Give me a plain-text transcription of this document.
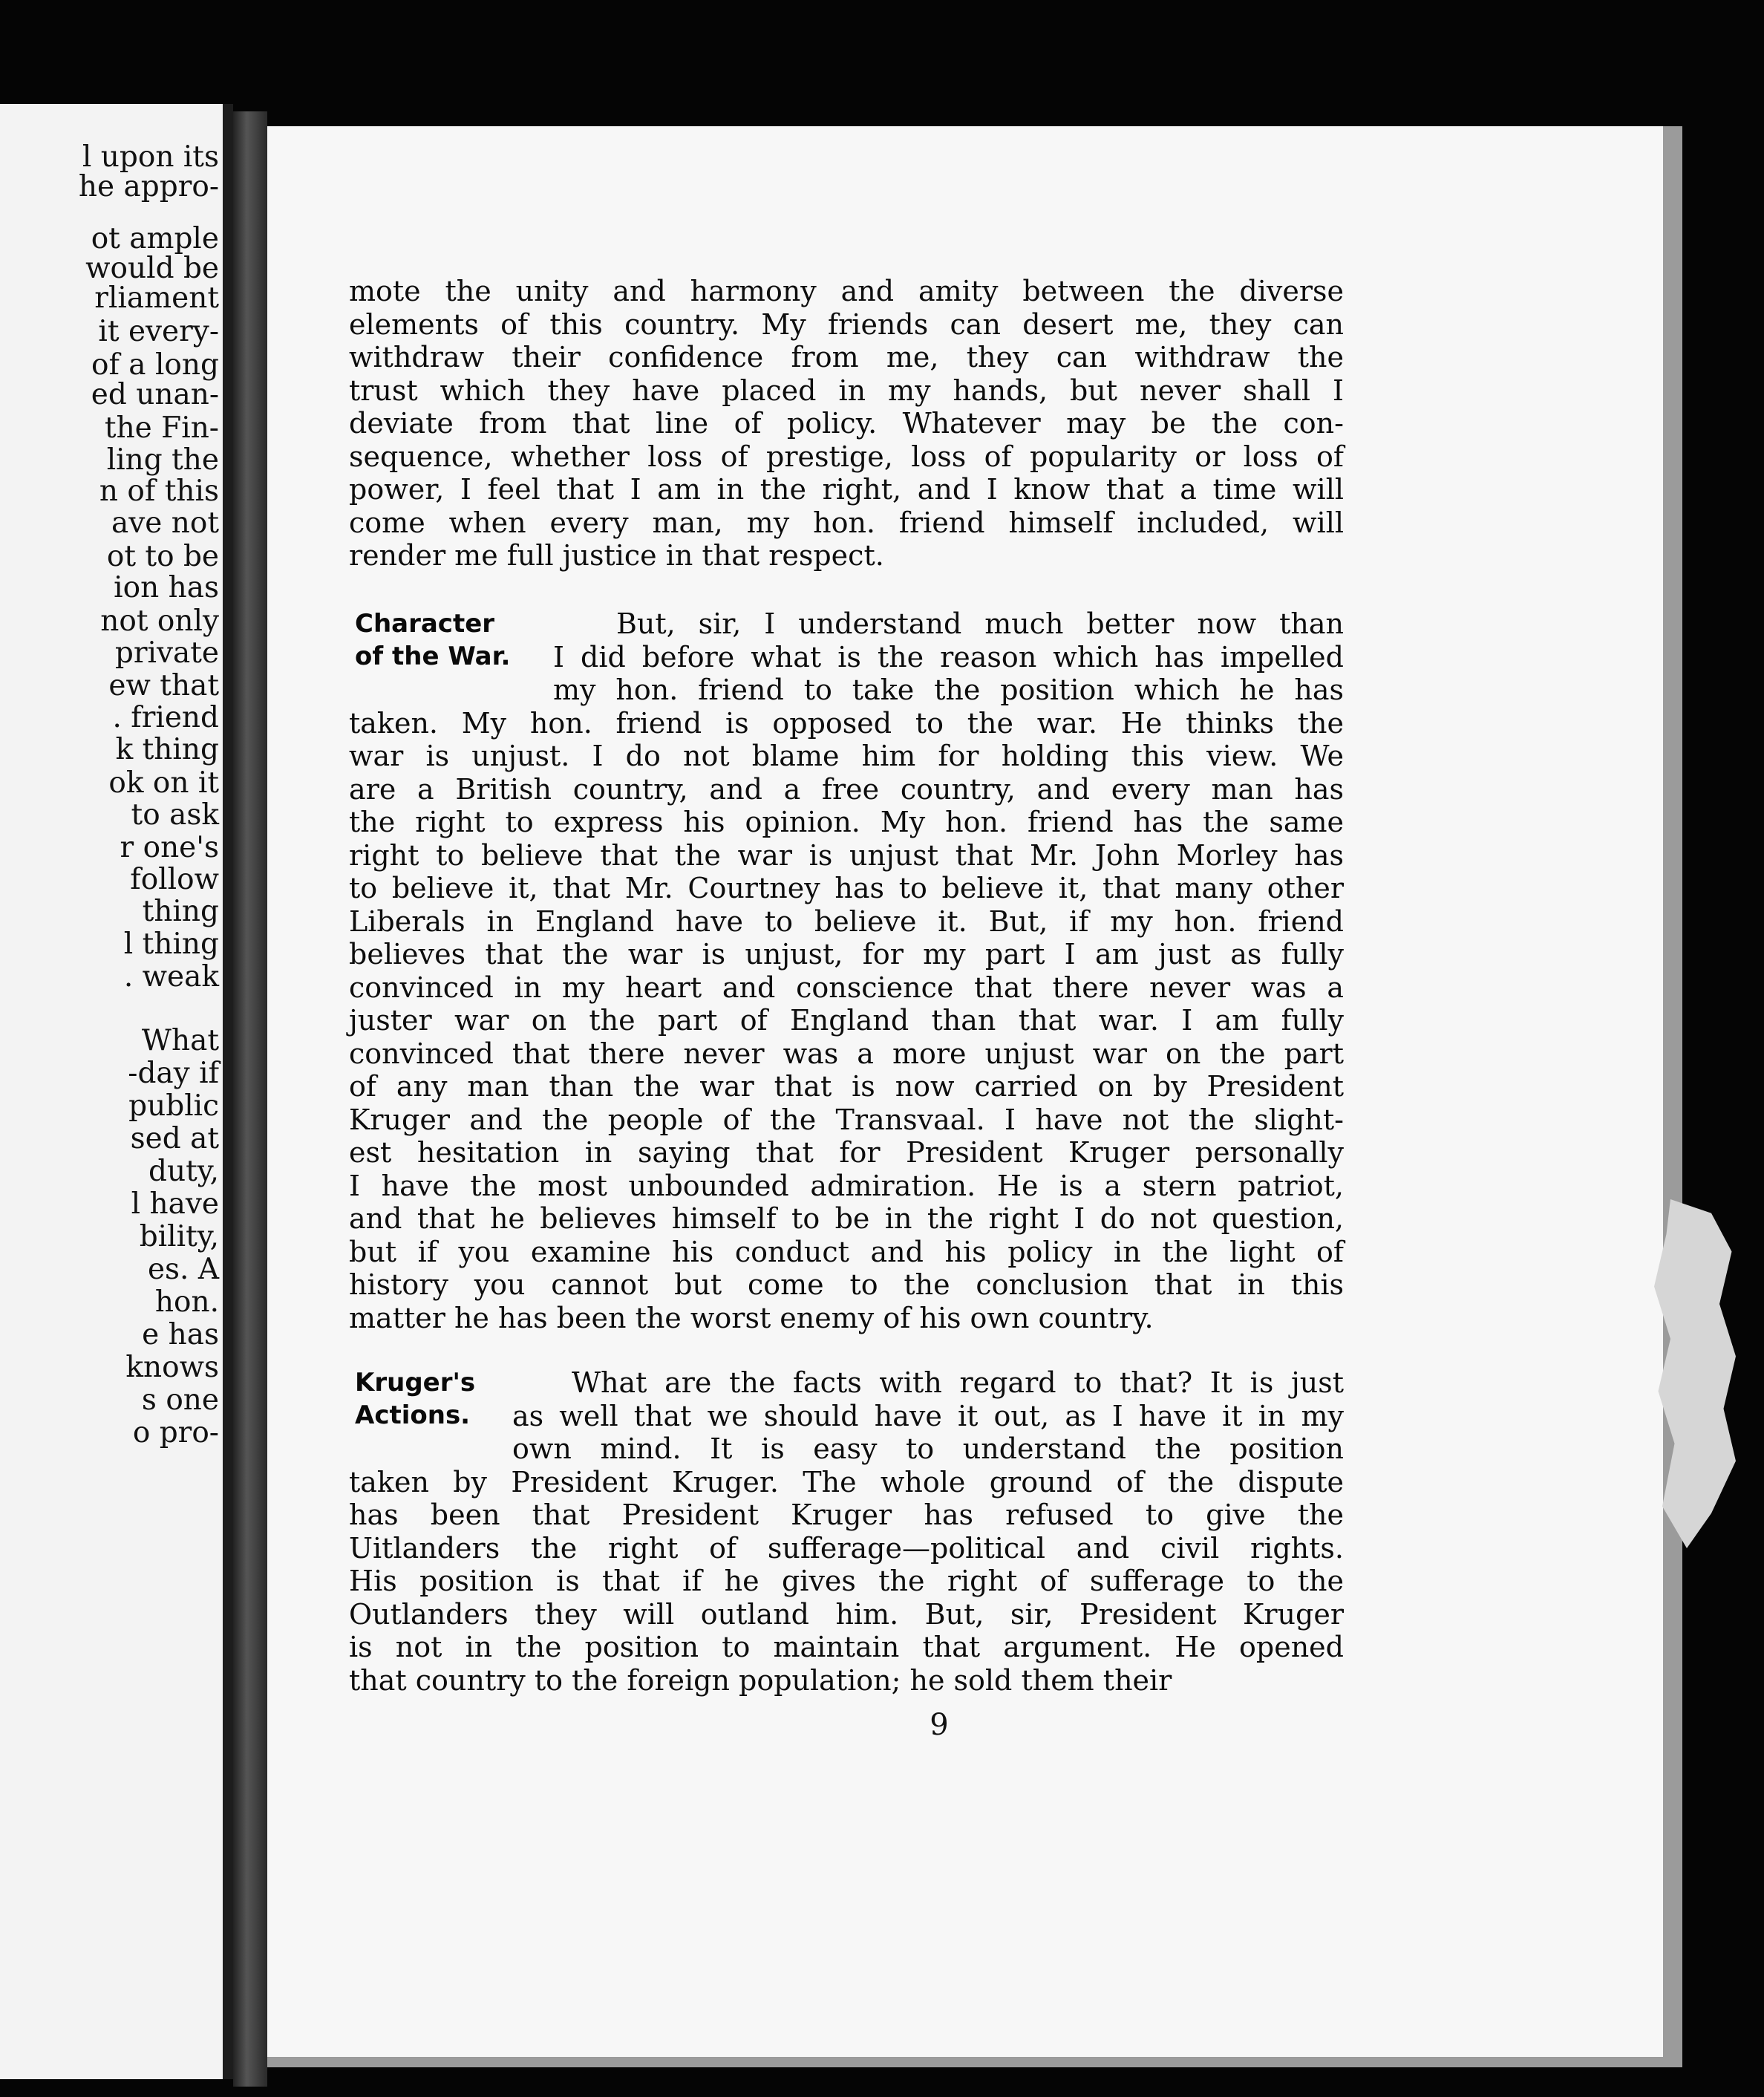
l upon its
he appro-
ot ample
would be
rliament
it every-
of a long
ed unan-
the Fin-
ling the
n of this
ave not
ot to be
ion has
not only
private
ew that
. friend
k thing
ok on it
to ask
r one's
follow
thing
l thing
. weak
What
-day if
public
sed at
duty,
l have
bility,
es. A
hon.
e has
knows
s one
o pro-
mote the unity and harmony and amity between the diverse
elements of this country. My friends can desert me, they can
withdraw their confidence from me, they can withdraw the
trust which they have placed in my hands, but never shall I
deviate from that line of policy. Whatever may be the con-
sequence, whether loss of prestige, loss of popularity or loss of
power, I feel that I am in the right, and I know that a time will
come when every man, my hon. friend himself included, will
render me full justice in that respect.
Character
of the War.
But, sir, I understand much better now than
I did before what is the reason which has impelled
my hon. friend to take the position which he has
taken. My hon. friend is opposed to the war. He thinks the
war is unjust. I do not blame him for holding this view. We
are a British country, and a free country, and every man has
the right to express his opinion. My hon. friend has the same
right to believe that the war is unjust that Mr. John Morley has
to believe it, that Mr. Courtney has to believe it, that many other
Liberals in England have to believe it. But, if my hon. friend
believes that the war is unjust, for my part I am just as fully
convinced in my heart and conscience that there never was a
juster war on the part of England than that war. I am fully
convinced that there never was a more unjust war on the part
of any man than the war that is now carried on by President
Kruger and the people of the Transvaal. I have not the slight-
est hesitation in saying that for President Kruger personally
I have the most unbounded admiration. He is a stern patriot,
and that he believes himself to be in the right I do not question,
but if you examine his conduct and his policy in the light of
history you cannot but come to the conclusion that in this
matter he has been the worst enemy of his own country.
Kruger's
Actions.
What are the facts with regard to that? It is just
as well that we should have it out, as I have it in my
own mind. It is easy to understand the position
taken by President Kruger. The whole ground of the dispute
has been that President Kruger has refused to give the
Uitlanders the right of sufferage—political and civil rights.
His position is that if he gives the right of sufferage to the
Outlanders they will outland him. But, sir, President Kruger
is not in the position to maintain that argument. He opened
that country to the foreign population; he sold them their
9
